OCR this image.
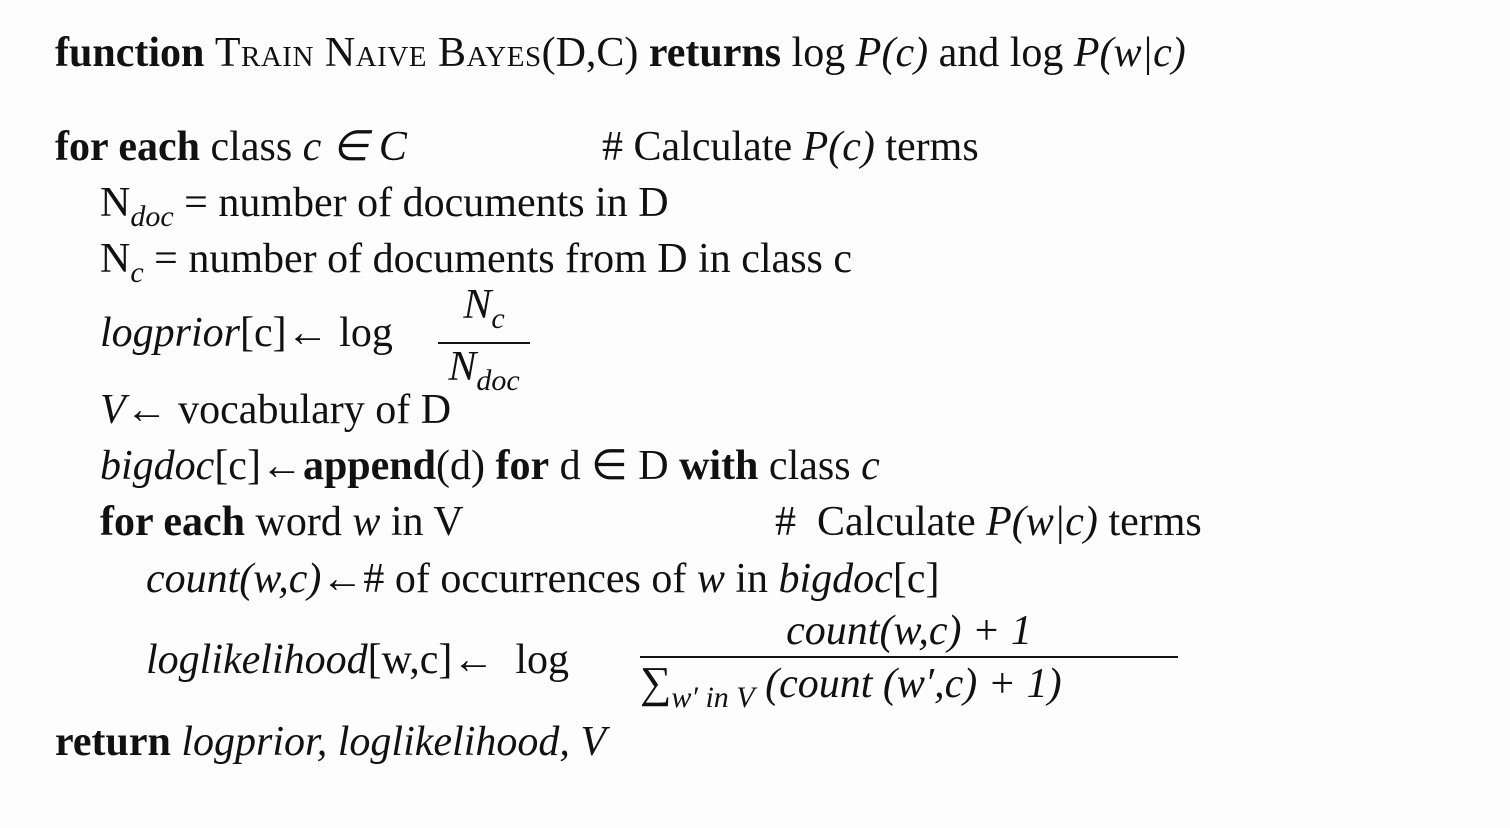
function Train Naive Bayes(D,C) returns log P(c) and log P(w|c)
for each class c ∈ C	# Calculate P(c) terms
$N_{doc}$ = number of documents in D
$N_c$ = number of documents from D in class c
logprior[c]← log
$N_c$
$N_{doc}$
V← vocabulary of D
bigdoc[c]←append(d) for d ∈ D with class c
for each word w in V	# Calculate P(w|c) terms
count(w,c)←# of occurrences of w in bigdoc[c]
loglikelihood[w,c]← log
count(w,c) + 1
$\sum_{w' in V}$ (count (w′,c) + 1)
return logprior, loglikelihood, V
